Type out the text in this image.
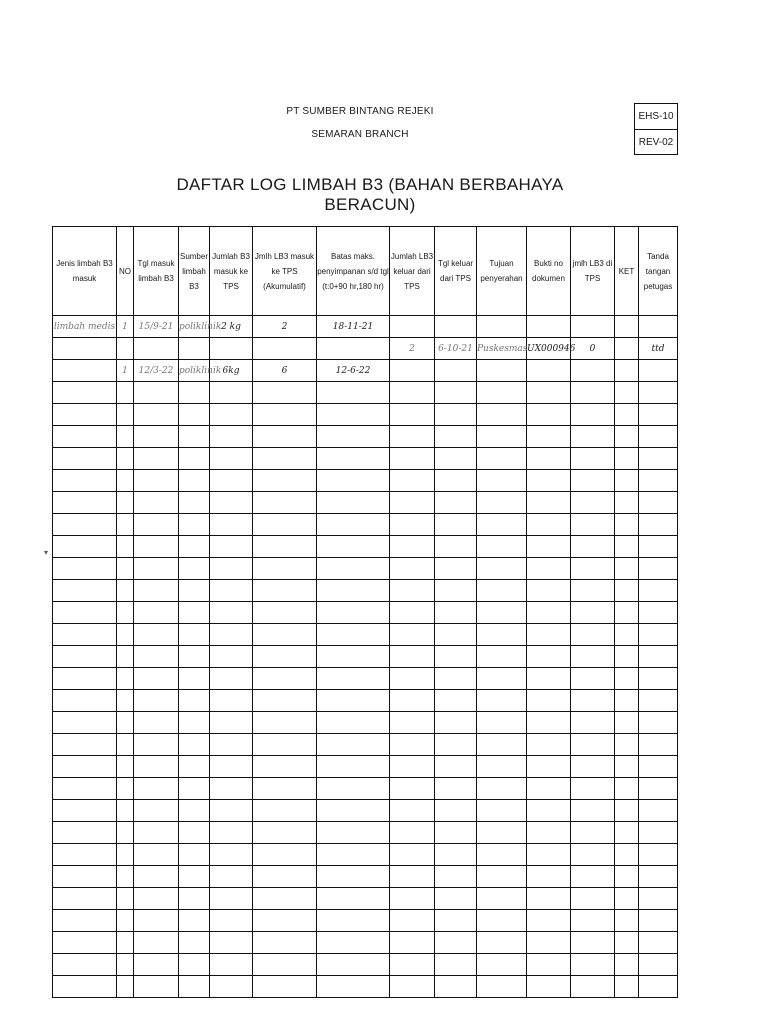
PT SUMBER BINTANG REJEKI
SEMARAN BRANCH
EHS-10
REV-02
DAFTAR LOG LIMBAH B3 (BAHAN BERBAHAYA BERACUN)
Jenis limbah B3 masuk	NO	Tgl masuk limbah B3	Sumber limbah B3	Jumlah B3 masuk ke TPS	Jmlh LB3 masuk ke TPS (Akumulatif)	Batas maks. penyimpanan s/d tgl (t:0+90 hr,180 hr)	Jumlah LB3 keluar dari TPS	Tgl keluar dari TPS	Tujuan penyerahan	Bukti no dokumen	jmlh LB3 di TPS	KET	Tanda tangan petugas
limbah medis	1	15/9-21	poliklinik	2 kg	2	18-11-21							
							2	6-10-21	Puskesmas	UX000946	0		ttd
	1	12/3-22	poliklinik	6kg	6	12-6-22							

▾
